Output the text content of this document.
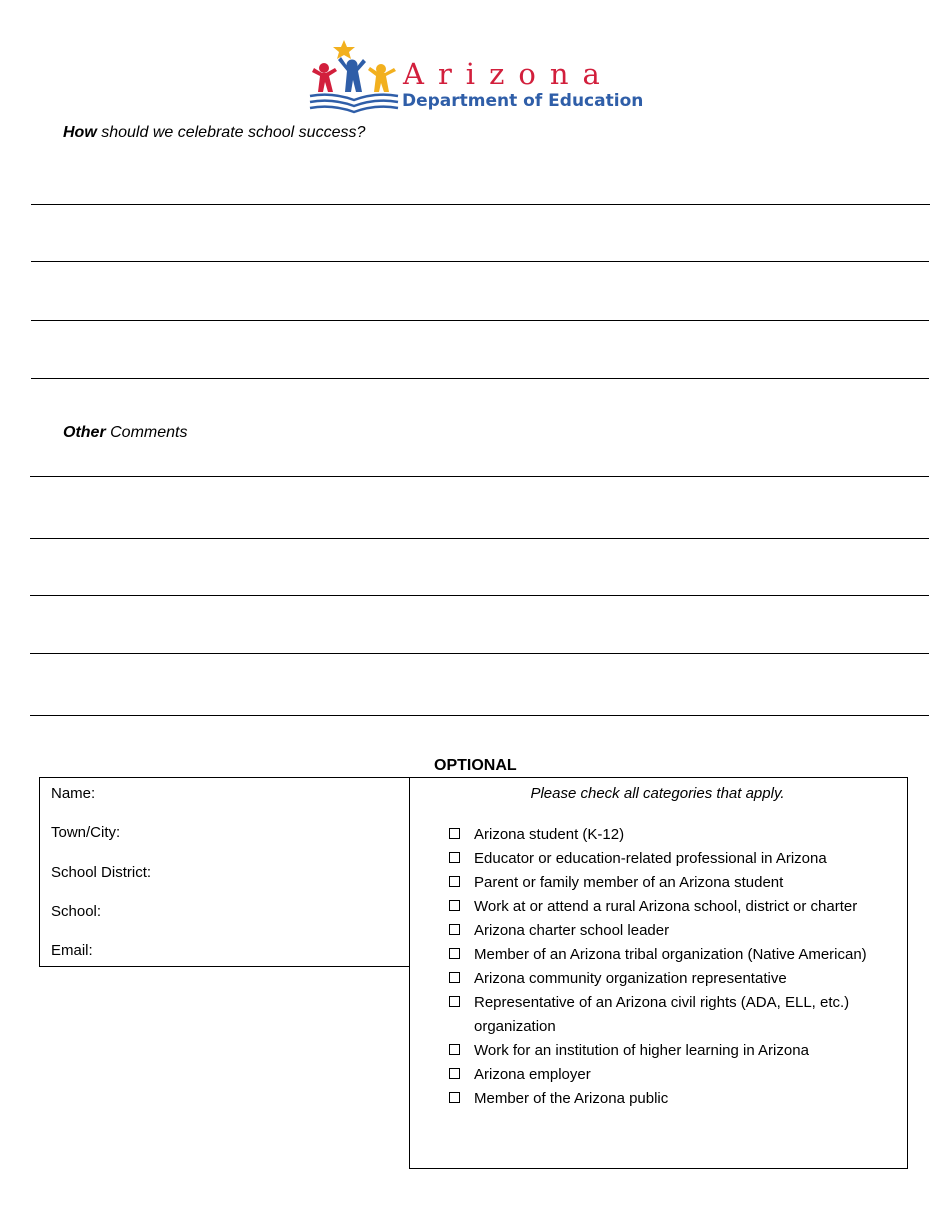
Arizona
Department of Education
How should we celebrate school success?
Other Comments
OPTIONAL
Name:
Town/City:
School District:
School:
Email:
Please check all categories that apply.
Arizona student (K-12)
Educator or education-related professional in Arizona
Parent or family member of an Arizona student
Work at or attend a rural Arizona school, district or charter
Arizona charter school leader
Member of an Arizona tribal organization (Native American)
Arizona community organization representative
Representative of an Arizona civil rights (ADA, ELL, etc.) organization
Work for an institution of higher learning in Arizona
Arizona employer
Member of the Arizona public
